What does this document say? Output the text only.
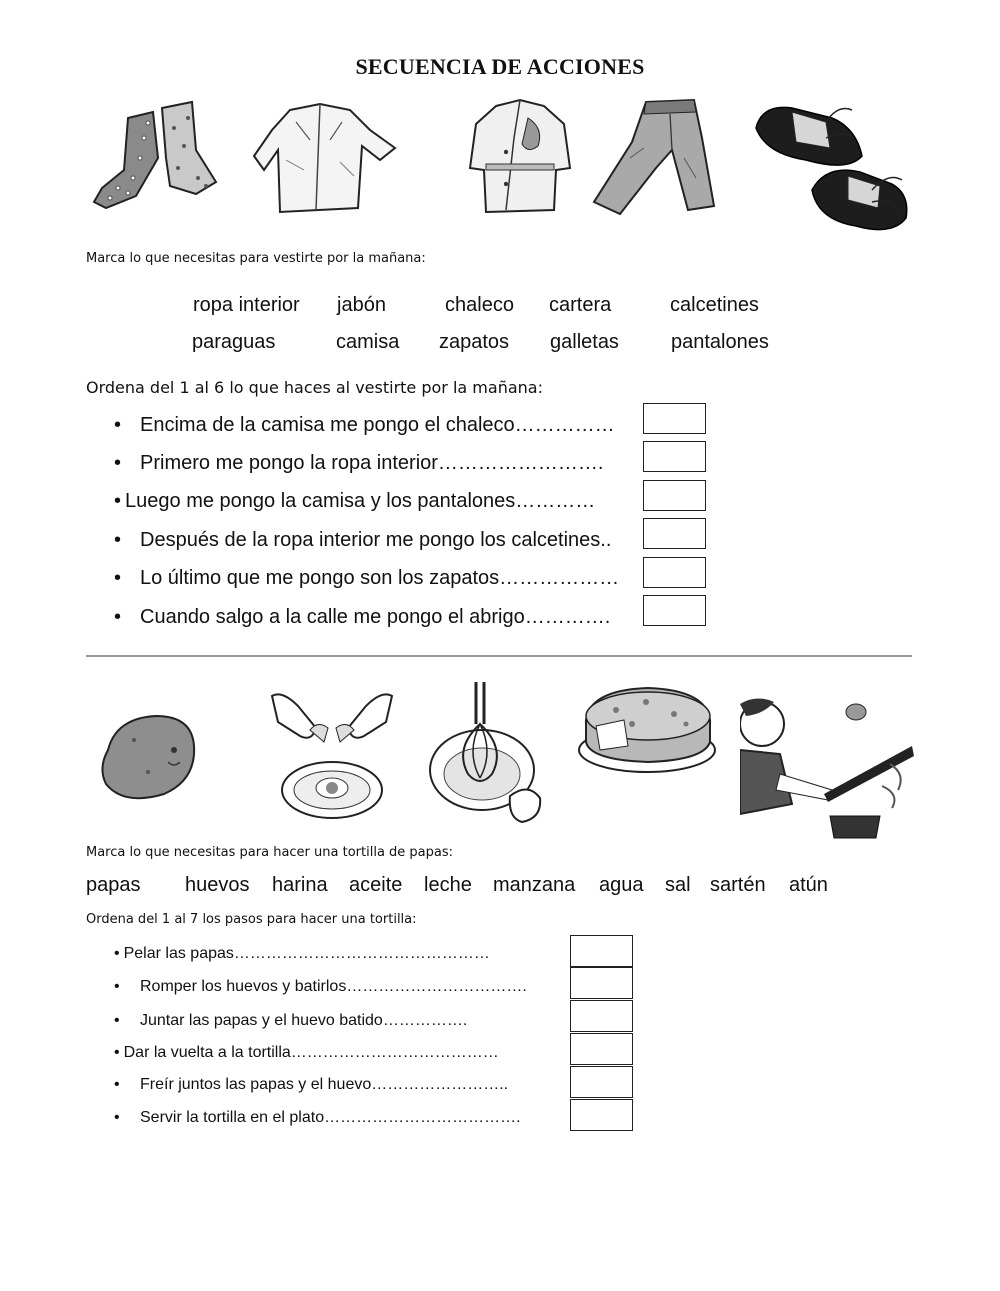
SECUENCIA DE ACCIONES
Marca lo que necesitas para vestirte por la mañana:
ropa interior jabón	chaleco cartera	calcetines
paraguas	camisa zapatos galletas	pantalones
Ordena del 1 al 6 lo que haces al vestirte por la mañana:
• Encima de la camisa me pongo el chaleco……………
• Primero me pongo la ropa interior…………………….
• Luego me pongo la camisa y los pantalones…………
• Después de la ropa interior me pongo los calcetines..
• Lo último que me pongo son los zapatos………………
• Cuando salgo a la calle me pongo el abrigo………….
Marca lo que necesitas para hacer una tortilla de papas:
papas huevos harina aceite leche manzana agua sal sartén atún
Ordena del 1 al 7 los pasos para hacer una tortilla:
• Pelar las papas…………………………………………
• Romper los huevos y batirlos…………………………….
• Juntar las papas y el huevo batido…………….
• Dar la vuelta a la tortilla…………………………………
• Freír juntos las papas y el huevo……………………..
• Servir la tortilla en el plato……………………………….
